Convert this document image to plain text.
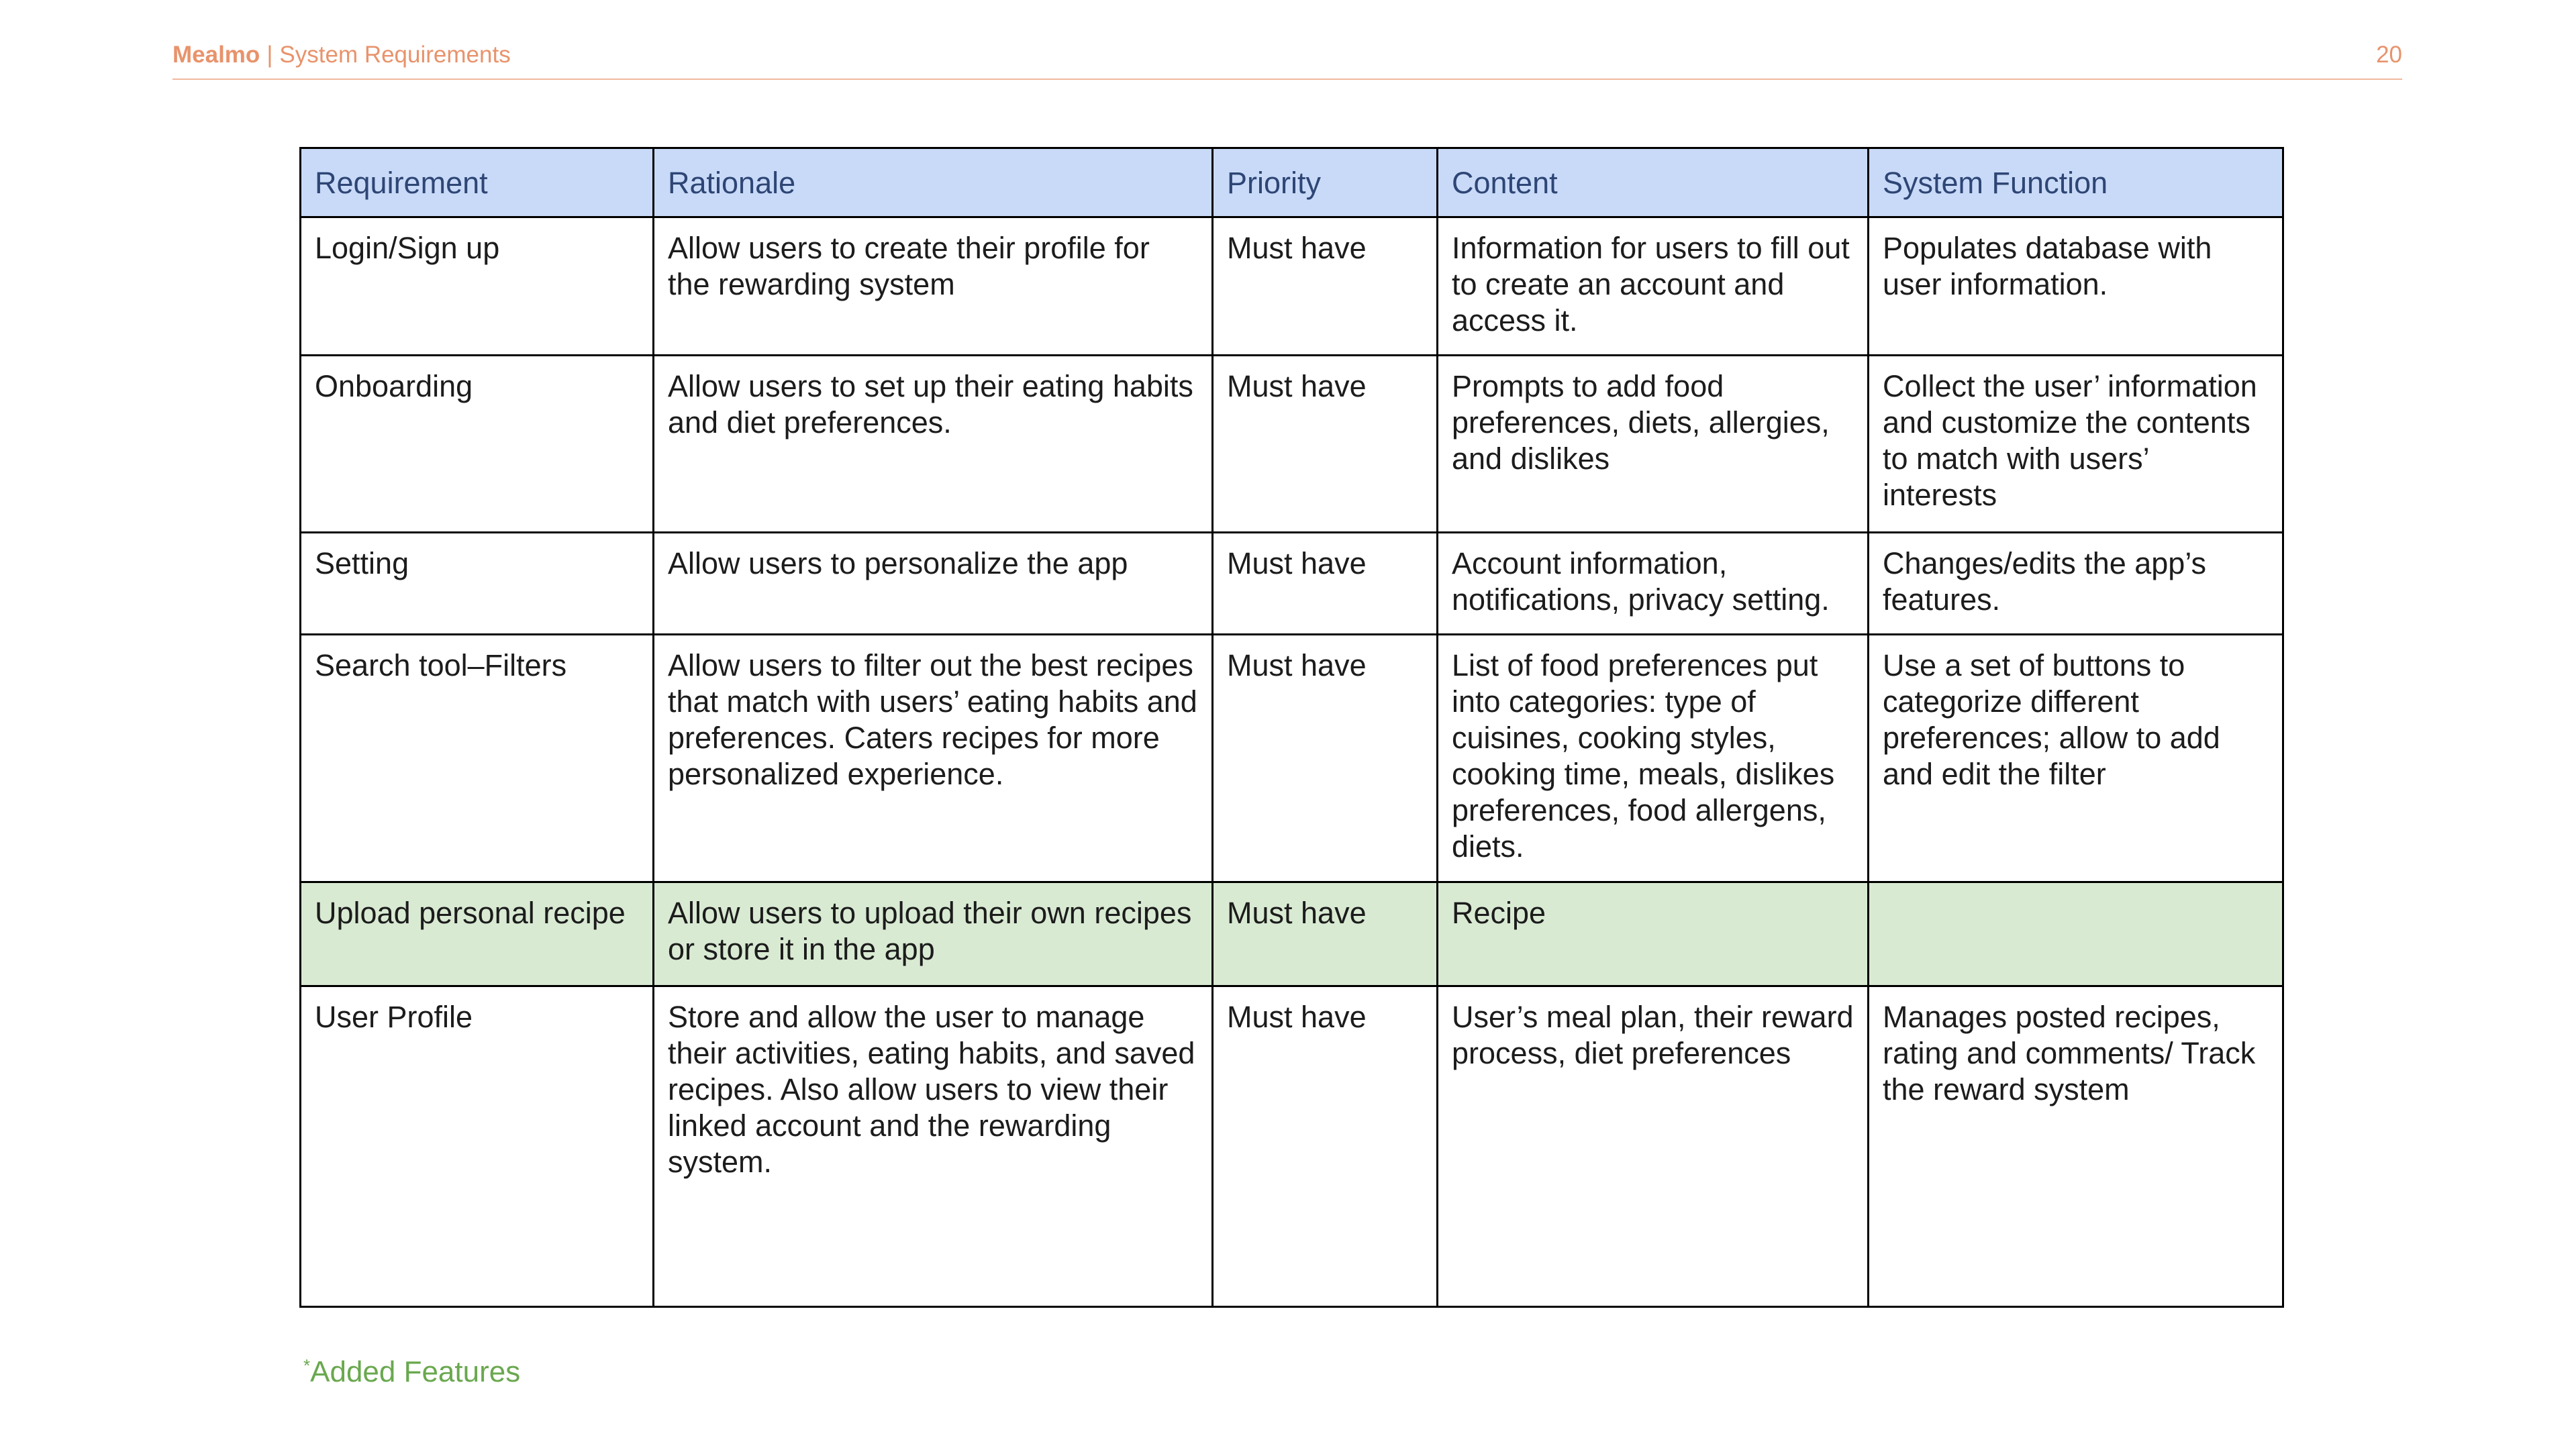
Mealmo | System Requirements	20
Requirement	Rationale	Priority	Content	System Function
Login/Sign up	Allow users to create their profile for the rewarding system	Must have	Information for users to fill out to create an account and access it.	Populates database with user information.
Onboarding	Allow users to set up their eating habits and diet preferences.	Must have	Prompts to add food preferences, diets, allergies, and dislikes	Collect the user’ information and customize the contents to match with users’ interests
Setting	Allow users to personalize the app	Must have	Account information, notifications, privacy setting.	Changes/edits the app’s features.
Search tool–Filters	Allow users to filter out the best recipes that match with users’ eating habits and preferences. Caters recipes for more personalized experience.	Must have	List of food preferences put into categories: type of cuisines, cooking styles, cooking time, meals, dislikes preferences, food allergens, diets.	Use a set of buttons to categorize different preferences; allow to add and edit the filter
Upload personal recipe	Allow users to upload their own recipes or store it in the app	Must have	Recipe	
User Profile	Store and allow the user to manage their activities, eating habits, and saved recipes. Also allow users to view their linked account and the rewarding system.	Must have	User’s meal plan, their reward process, diet preferences	Manages posted recipes, rating and comments/ Track the reward system
*Added Features
